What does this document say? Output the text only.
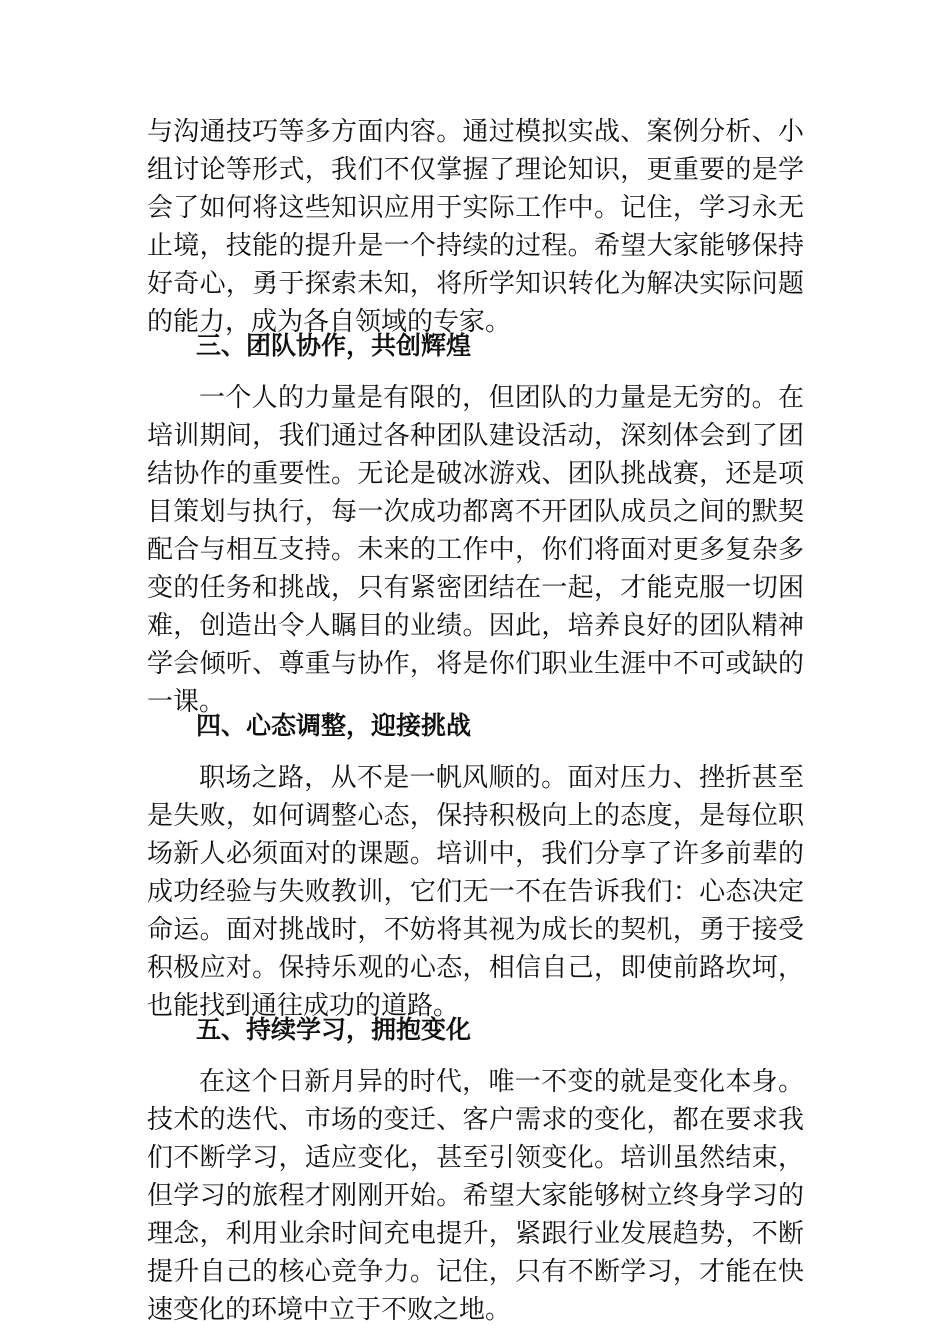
与沟通技巧等多方面内容。通过模拟实战、案例分析、小
组讨论等形式，我们不仅掌握了理论知识，更重要的是学
会了如何将这些知识应用于实际工作中。记住，学习永无
止境，技能的提升是一个持续的过程。希望大家能够保持
好奇心，勇于探索未知，将所学知识转化为解决实际问题
的能力，成为各自领域的专家。
三、团队协作，共创辉煌
一个人的力量是有限的，但团队的力量是无穷的。在
培训期间，我们通过各种团队建设活动，深刻体会到了团
结协作的重要性。无论是破冰游戏、团队挑战赛，还是项
目策划与执行，每一次成功都离不开团队成员之间的默契
配合与相互支持。未来的工作中，你们将面对更多复杂多
变的任务和挑战，只有紧密团结在一起，才能克服一切困
难，创造出令人瞩目的业绩。因此，培养良好的团队精神
学会倾听、尊重与协作，将是你们职业生涯中不可或缺的
一课。
四、心态调整，迎接挑战
职场之路，从不是一帆风顺的。面对压力、挫折甚至
是失败，如何调整心态，保持积极向上的态度，是每位职
场新人必须面对的课题。培训中，我们分享了许多前辈的
成功经验与失败教训，它们无一不在告诉我们：心态决定
命运。面对挑战时，不妨将其视为成长的契机，勇于接受
积极应对。保持乐观的心态，相信自己，即使前路坎坷，
也能找到通往成功的道路。
五、持续学习，拥抱变化
在这个日新月异的时代，唯一不变的就是变化本身。
技术的迭代、市场的变迁、客户需求的变化，都在要求我
们不断学习，适应变化，甚至引领变化。培训虽然结束，
但学习的旅程才刚刚开始。希望大家能够树立终身学习的
理念，利用业余时间充电提升，紧跟行业发展趋势，不断
提升自己的核心竞争力。记住，只有不断学习，才能在快
速变化的环境中立于不败之地。
